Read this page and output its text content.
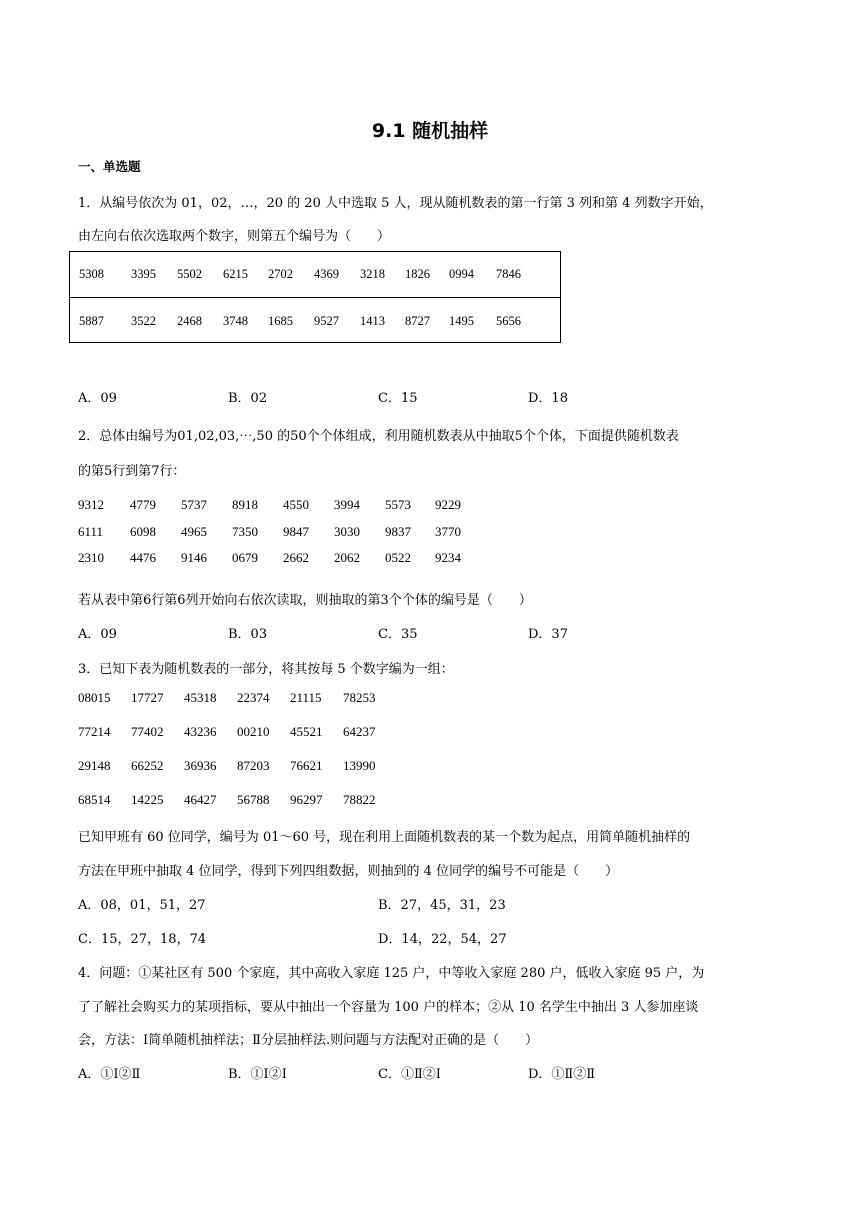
9.1 随机抽样
一、单选题
1．从编号依次为 01，02，…，20 的 20 人中选取 5 人，现从随机数表的第一行第 3 列和第 4 列数字开始，
由左向右依次选取两个数字，则第五个编号为（　　）
5308 3395 5502 6215 2702 4369 3218 1826 0994 7846
5887 3522 2468 3748 1685 9527 1413 8727 1495 5656
A．09	B．02	C．15	D．18
2．总体由编号为01,02,03,⋯,50 的50个个体组成，利用随机数表从中抽取5个个体，下面提供随机数表
的第5行到第7行：
9312 4779 5737 8918 4550 3994 5573 9229
6111 6098 4965 7350 9847 3030 9837 3770
2310 4476 9146 0679 2662 2062 0522 9234
若从表中第6行第6列开始向右依次读取，则抽取的第3个个体的编号是（　　）
A．09	B．03	C．35	D．37
3．已知下表为随机数表的一部分，将其按每 5 个数字编为一组：
08015 17727 45318 22374 21115 78253
77214 77402 43236 00210 45521 64237
29148 66252 36936 87203 76621 13990
68514 14225 46427 56788 96297 78822
已知甲班有 60 位同学，编号为 01～60 号，现在利用上面随机数表的某一个数为起点，用简单随机抽样的
方法在甲班中抽取 4 位同学，得到下列四组数据，则抽到的 4 位同学的编号不可能是（　　）
A．08，01，51，27	B．27，45，31，23
C．15，27，18，74	D．14，22，54，27
4．问题：①某社区有 500 个家庭，其中高收入家庭 125 户，中等收入家庭 280 户，低收入家庭 95 户，为
了了解社会购买力的某项指标，要从中抽出一个容量为 100 户的样本；②从 10 名学生中抽出 3 人参加座谈
会，方法：Ⅰ简单随机抽样法；Ⅱ分层抽样法.则问题与方法配对正确的是（　　）
A．①Ⅰ②Ⅱ	B．①Ⅰ②Ⅰ	C．①Ⅱ②Ⅰ	D．①Ⅱ②Ⅱ
